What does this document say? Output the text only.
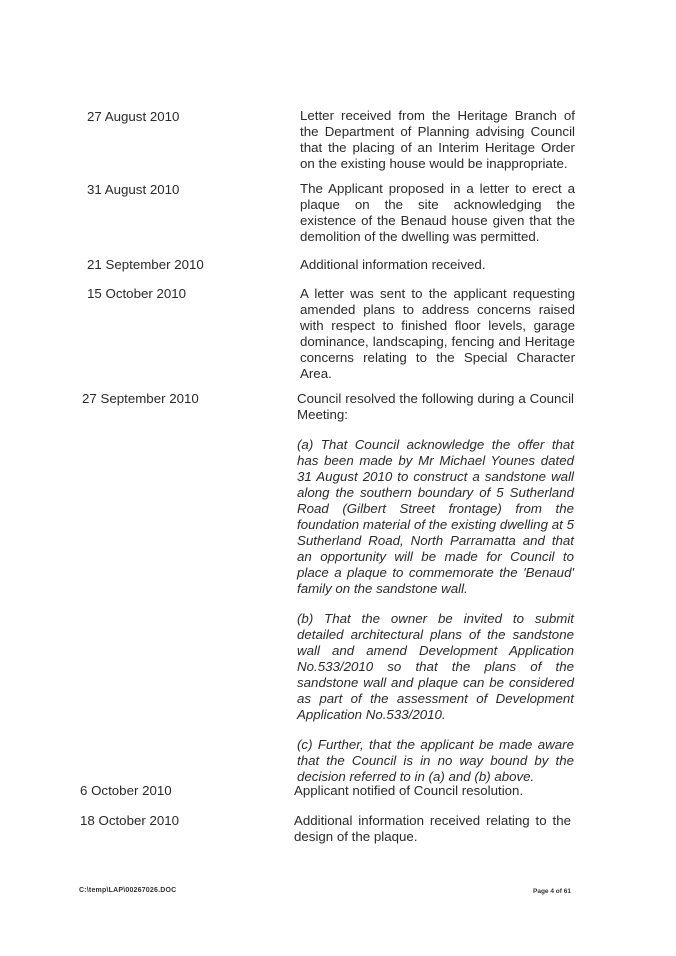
27 August 2010	Letter received from the Heritage Branch of the Department of Planning advising Council that the placing of an Interim Heritage Order on the existing house would be inappropriate.

31 August 2010	The Applicant proposed in a letter to erect a plaque on the site acknowledging the existence of the Benaud house given that the demolition of the dwelling was permitted.

21 September 2010	Additional information received.

15 October 2010	A letter was sent to the applicant requesting amended plans to address concerns raised with respect to finished floor levels, garage dominance, landscaping, fencing and Heritage concerns relating to the Special Character Area.

27 September 2010	Council resolved the following during a Council Meeting:

(a) That Council acknowledge the offer that has been made by Mr Michael Younes dated 31 August 2010 to construct a sandstone wall along the southern boundary of 5 Sutherland Road (Gilbert Street frontage) from the foundation material of the existing dwelling at 5 Sutherland Road, North Parramatta and that an opportunity will be made for Council to place a plaque to commemorate the 'Benaud' family on the sandstone wall.

(b) That the owner be invited to submit detailed architectural plans of the sandstone wall and amend Development Application No.533/2010 so that the plans of the sandstone wall and plaque can be considered as part of the assessment of Development Application No.533/2010.

(c) Further, that the applicant be made aware that the Council is in no way bound by the decision referred to in (a) and (b) above.

6 October 2010	Applicant notified of Council resolution.

18 October 2010	Additional information received relating to the design of the plaque.

C:\temp\LAP\00267026.DOC	Page 4 of 61
